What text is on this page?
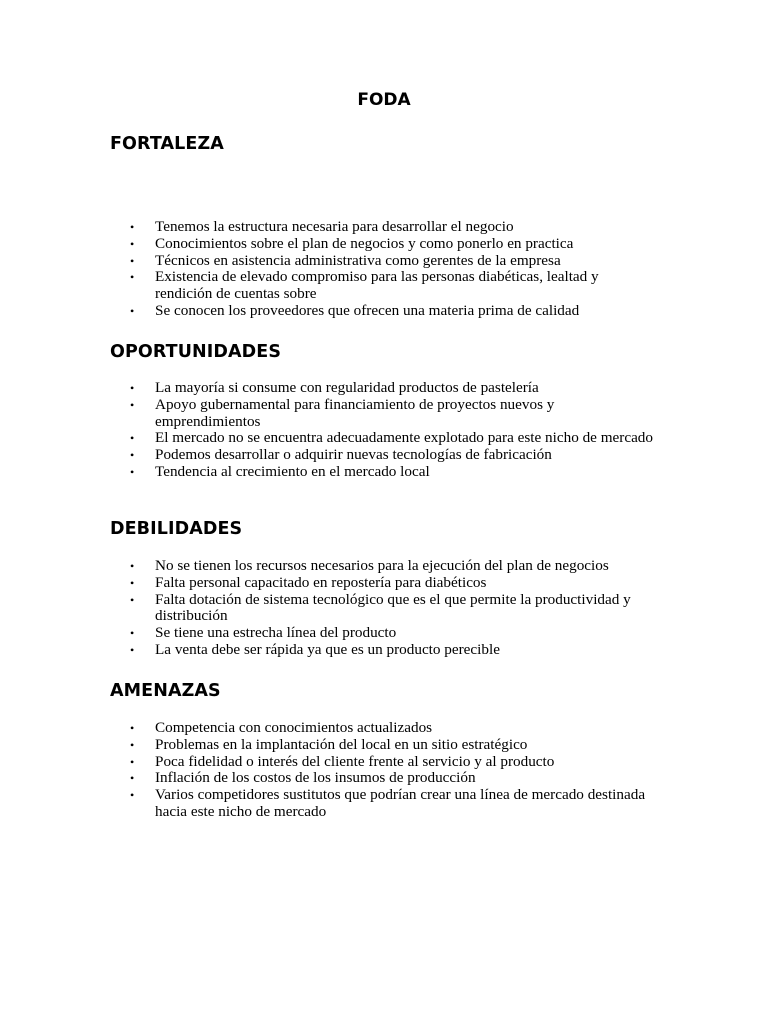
FODA
FORTALEZA
• Tenemos la estructura necesaria para desarrollar el negocio
• Conocimientos sobre el plan de negocios y como ponerlo en practica
• Técnicos en asistencia administrativa como gerentes de la empresa
• Existencia de elevado compromiso para las personas diabéticas, lealtad y rendición de cuentas sobre
• Se conocen los proveedores que ofrecen una materia prima de calidad
OPORTUNIDADES
• La mayoría si consume con regularidad productos de pastelería
• Apoyo gubernamental para financiamiento de proyectos nuevos y emprendimientos
• El mercado no se encuentra adecuadamente explotado para este nicho de mercado
• Podemos desarrollar o adquirir nuevas tecnologías de fabricación
• Tendencia al crecimiento en el mercado local
DEBILIDADES
• No se tienen los recursos necesarios para la ejecución del plan de negocios
• Falta personal capacitado en repostería para diabéticos
• Falta dotación de sistema tecnológico que es el que permite la productividad y distribución
• Se tiene una estrecha línea del producto
• La venta debe ser rápida ya que es un producto perecible
AMENAZAS
• Competencia con conocimientos actualizados
• Problemas en la implantación del local en un sitio estratégico
• Poca fidelidad o interés del cliente frente al servicio y al producto
• Inflación de los costos de los insumos de producción
• Varios competidores sustitutos que podrían crear una línea de mercado destinada hacia este nicho de mercado
